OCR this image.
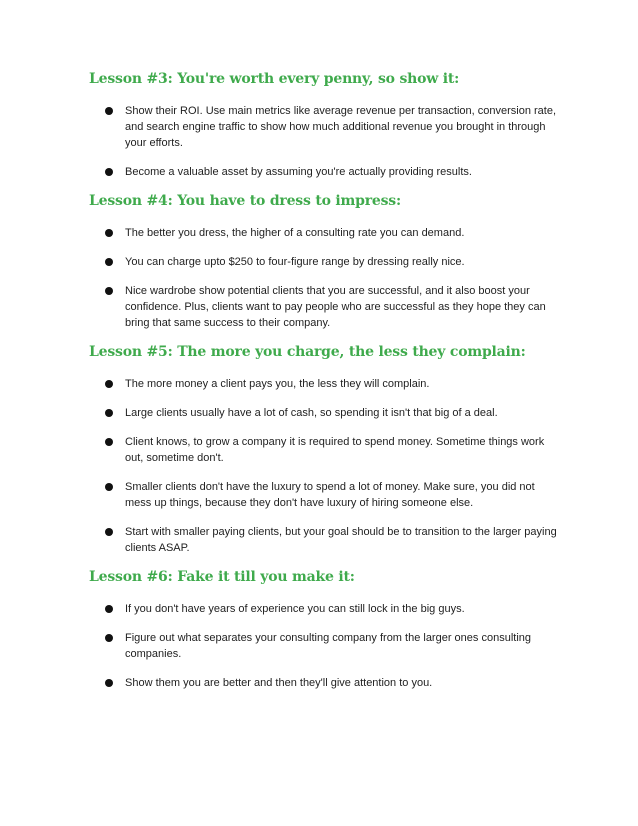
Lesson #3: You're worth every penny, so show it:
Show their ROI. Use main metrics like average revenue per transaction, conversion rate, and search engine traffic to show how much additional revenue you brought in through your efforts.
Become a valuable asset by assuming you're actually providing results.
Lesson #4: You have to dress to impress:
The better you dress, the higher of a consulting rate you can demand.
You can charge upto $250 to four-figure range by dressing really nice.
Nice wardrobe show potential clients that you are successful, and it also boost your confidence. Plus, clients want to pay people who are successful as they hope they can bring that same success to their company.
Lesson #5: The more you charge, the less they complain:
The more money a client pays you, the less they will complain.
Large clients usually have a lot of cash, so spending it isn't that big of a deal.
Client knows, to grow a company it is required to spend money. Sometime things work out, sometime don't.
Smaller clients don't have the luxury to spend a lot of money. Make sure, you did not mess up things, because they don't have luxury of hiring someone else.
Start with smaller paying clients, but your goal should be to transition to the larger paying clients ASAP.
Lesson #6: Fake it till you make it:
If you don't have years of experience you can still lock in the big guys.
Figure out what separates your consulting company from the larger ones consulting companies.
Show them you are better and then they'll give attention to you.
